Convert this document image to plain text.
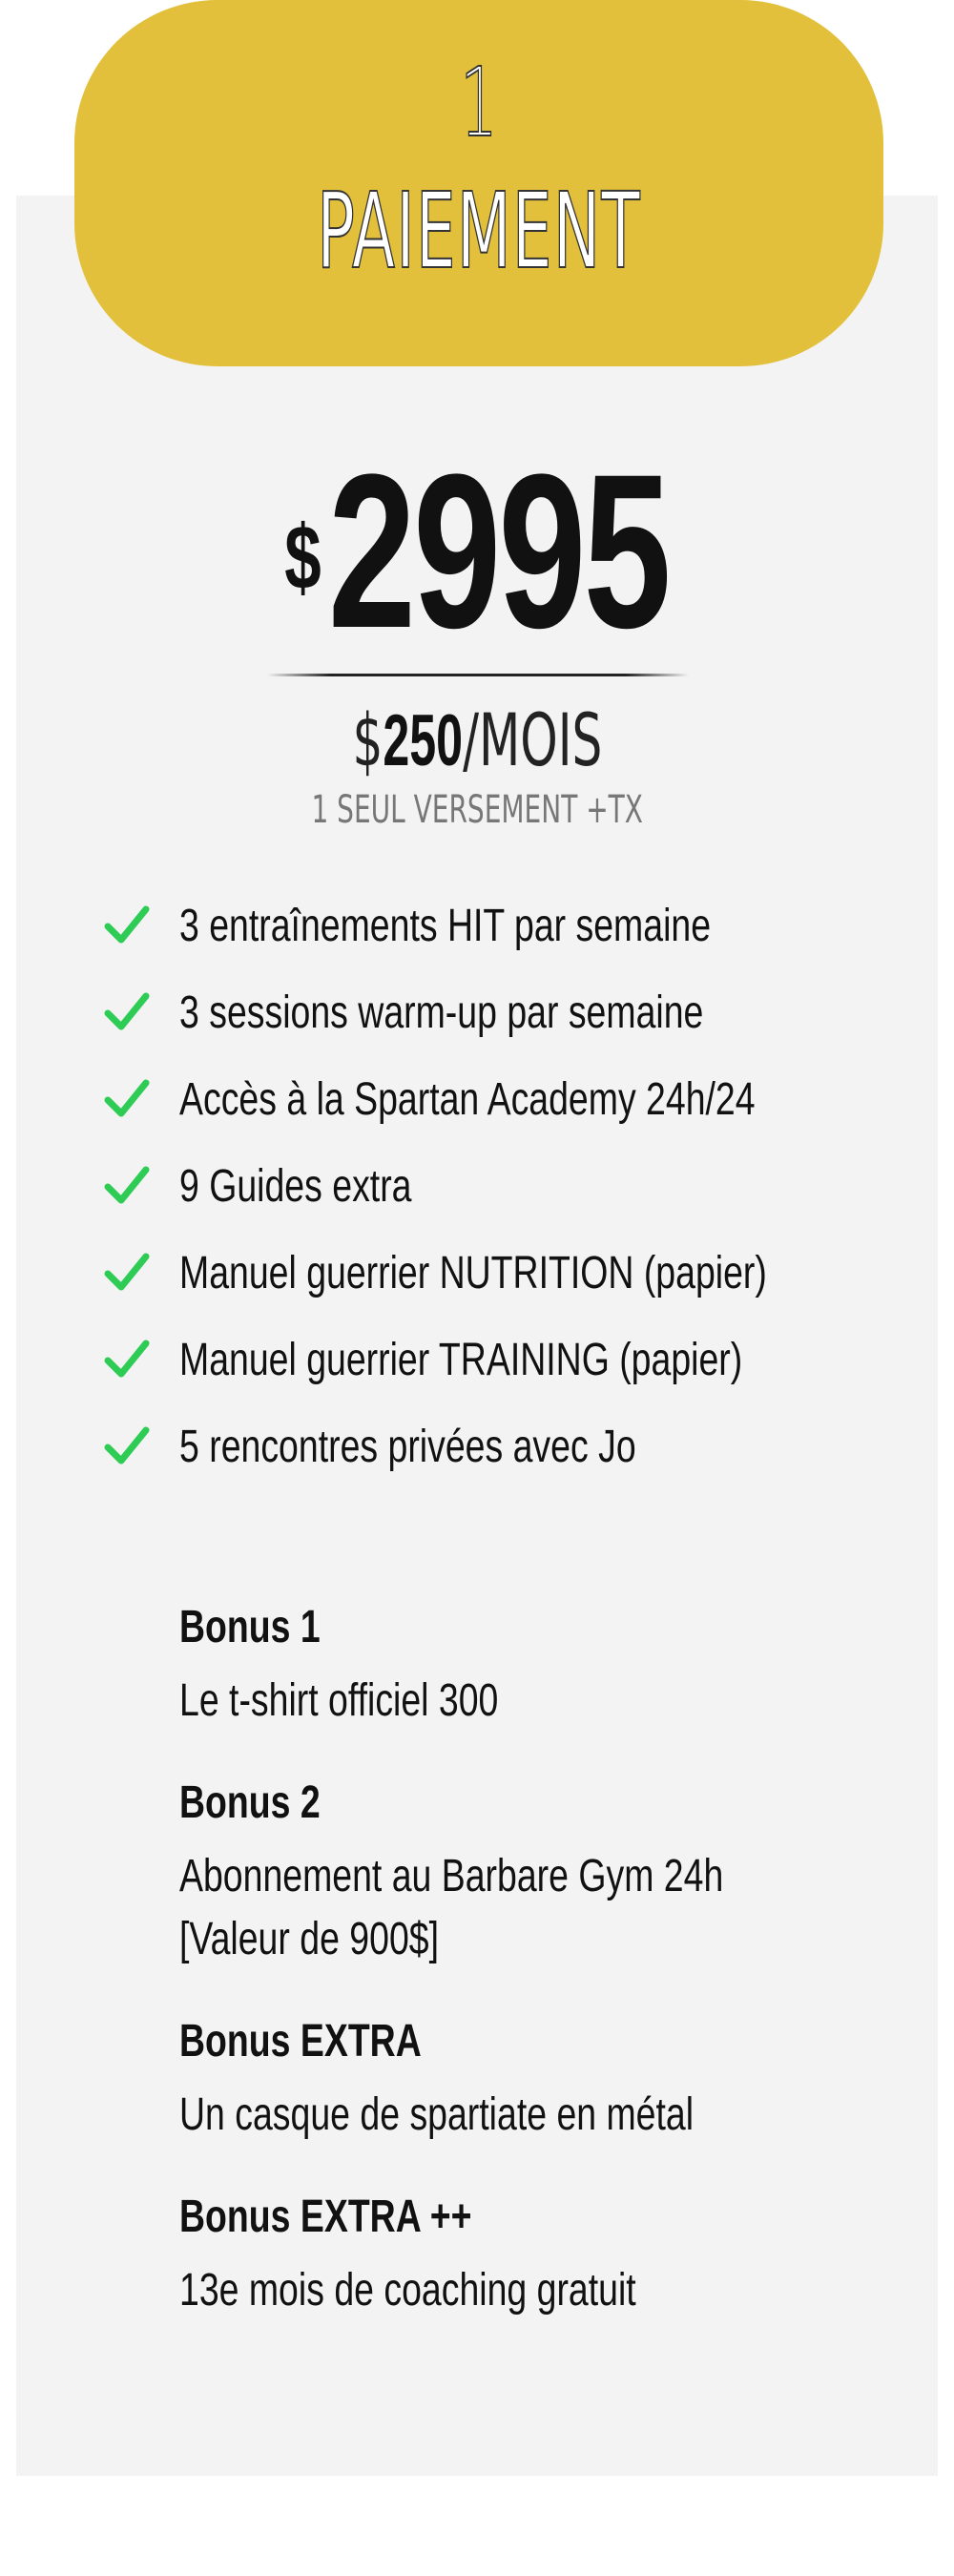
1
PAIEMENT
$2995
$250/MOIS
1 SEUL VERSEMENT +TX
3 entraînements HIT par semaine
3 sessions warm-up par semaine
Accès à la Spartan Academy 24h/24
9 Guides extra
Manuel guerrier NUTRITION (papier)
Manuel guerrier TRAINING (papier)
5 rencontres privées avec Jo
Bonus 1
Le t-shirt officiel 300
Bonus 2
Abonnement au Barbare Gym 24h
[Valeur de 900$]
Bonus EXTRA
Un casque de spartiate en métal
Bonus EXTRA ++
13e mois de coaching gratuit
